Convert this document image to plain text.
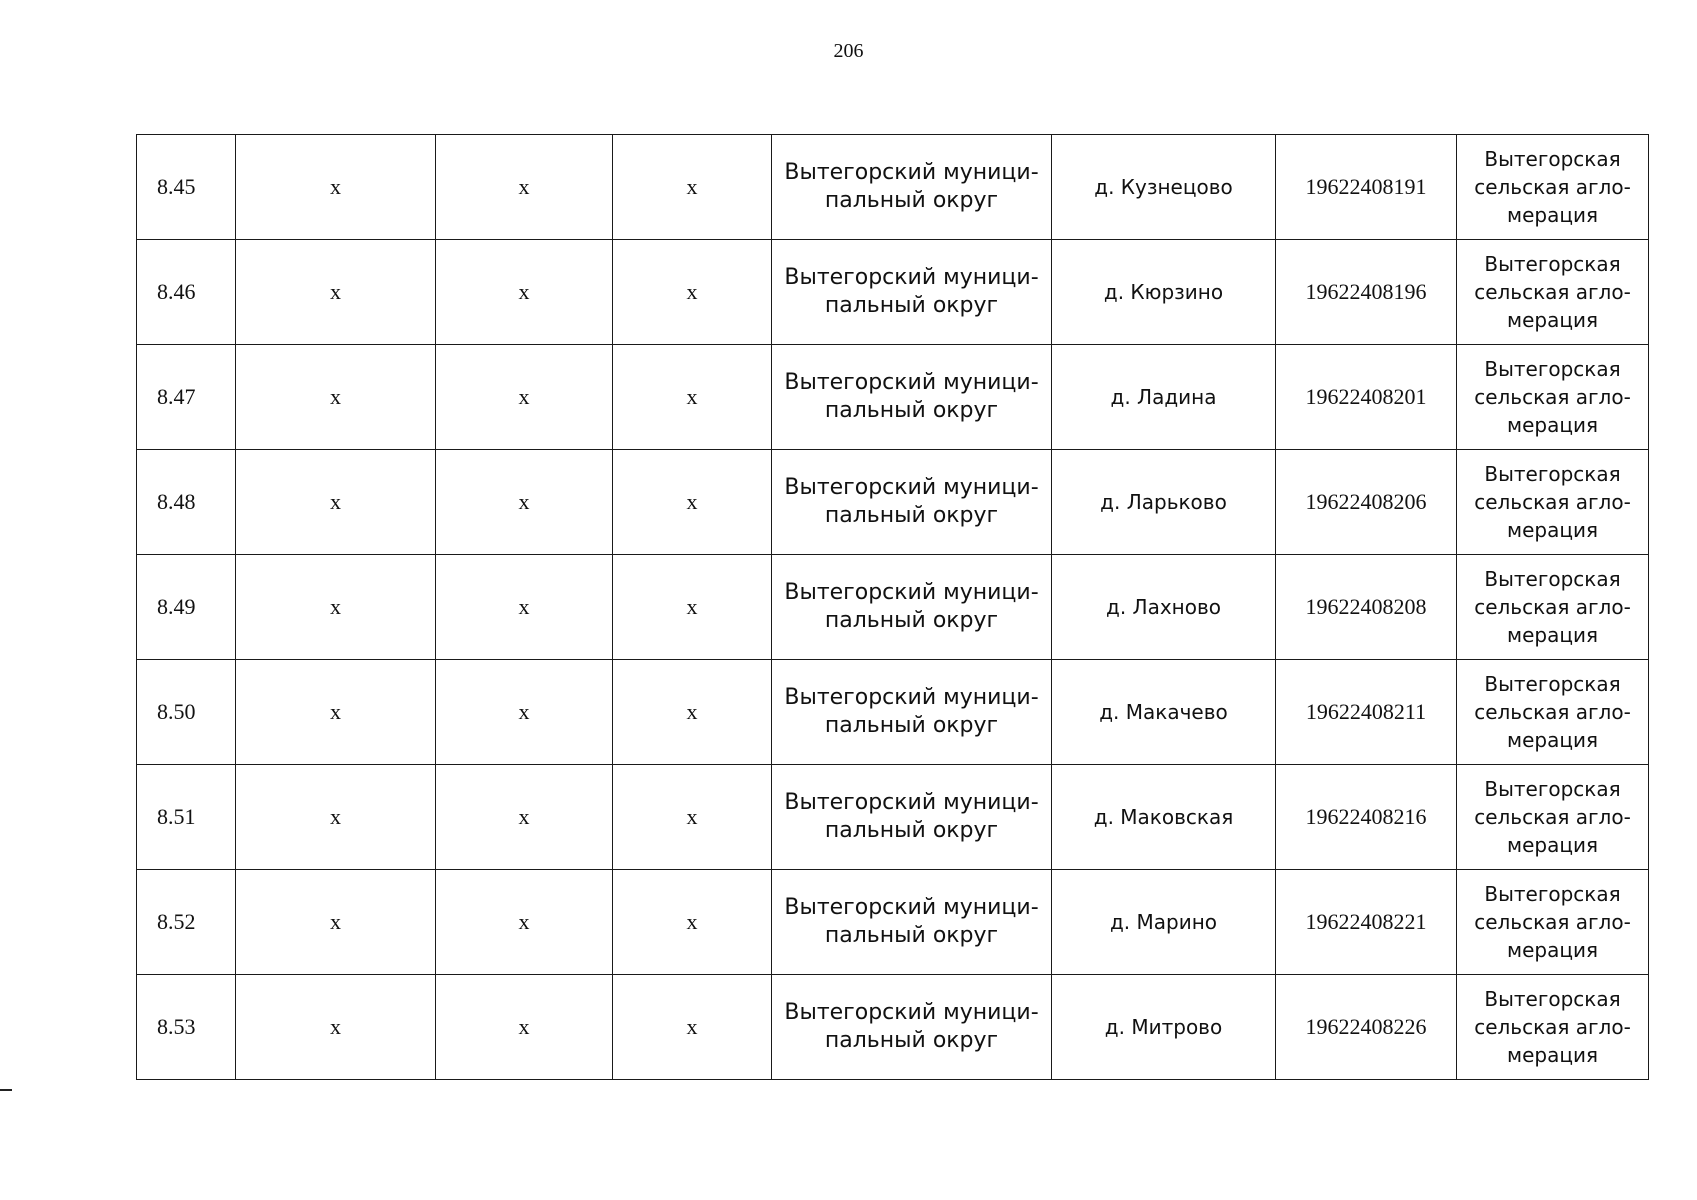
206
8.45	x	x	x	Вытегорский муници-пальный округ	д. Кузнецово	19622408191	Вытегорская сельская агло-мерация
8.46	x	x	x	Вытегорский муници-пальный округ	д. Кюрзино	19622408196	Вытегорская сельская агло-мерация
8.47	x	x	x	Вытегорский муници-пальный округ	д. Ладина	19622408201	Вытегорская сельская агло-мерация
8.48	x	x	x	Вытегорский муници-пальный округ	д. Ларьково	19622408206	Вытегорская сельская агло-мерация
8.49	x	x	x	Вытегорский муници-пальный округ	д. Лахново	19622408208	Вытегорская сельская агло-мерация
8.50	x	x	x	Вытегорский муници-пальный округ	д. Макачево	19622408211	Вытегорская сельская агло-мерация
8.51	x	x	x	Вытегорский муници-пальный округ	д. Маковская	19622408216	Вытегорская сельская агло-мерация
8.52	x	x	x	Вытегорский муници-пальный округ	д. Марино	19622408221	Вытегорская сельская агло-мерация
8.53	x	x	x	Вытегорский муници-пальный округ	д. Митрово	19622408226	Вытегорская сельская агло-мерация
